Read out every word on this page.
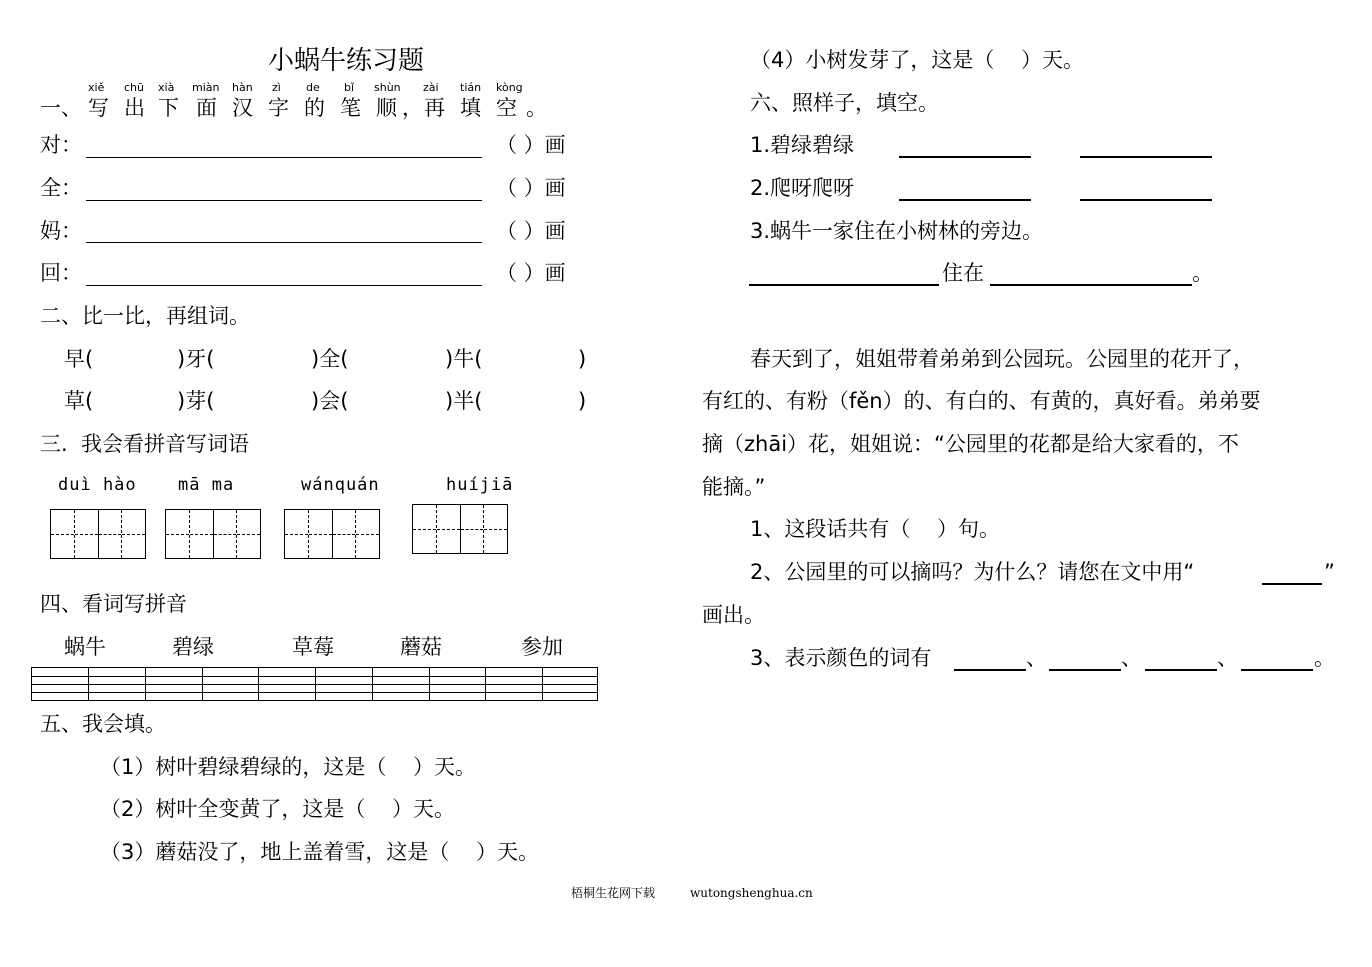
小蜗牛练习题
xiě chū xià miàn hàn zì de bǐ shùn zài tián kòng
一、 写 出 下 面 汉 字 的 笔 顺 ， 再 填 空 。
对：	（ ）画
全：	（ ）画
妈：	（ ）画
回：	（ ）画
二、比一比，再组词。
早(	)牙(	)全(	)牛(	)
草(	)芽(	)会(	)半(	)
三.  我会看拼音写词语
duì hào mā ma	wánquán	huíjiā
四、看词写拼音
蜗牛	碧绿	草莓	蘑菇	参加
五、我会填。
（1）树叶碧绿碧绿的，这是（    ）天。
（2）树叶全变黄了，这是（    ）天。
（3）蘑菇没了，地上盖着雪，这是（    ）天。
（4）小树发芽了，这是（    ）天。
六、照样子，填空。
1.碧绿碧绿
2.爬呀爬呀
3.蜗牛一家住在小树林的旁边。
住在	。
春天到了，姐姐带着弟弟到公园玩。公园里的花开了，
有红的、有粉（fěn）的、有白的、有黄的，真好看。弟弟要
摘（zhāi）花，姐姐说：“公园里的花都是给大家看的，不
能摘。”
1、这段话共有（    ）句。
2、公园里的可以摘吗？为什么？请您在文中用“	”
画出。
3、表示颜色的词有	、	、	、	。
梧桐生花网下载	wutongshenghua.cn
